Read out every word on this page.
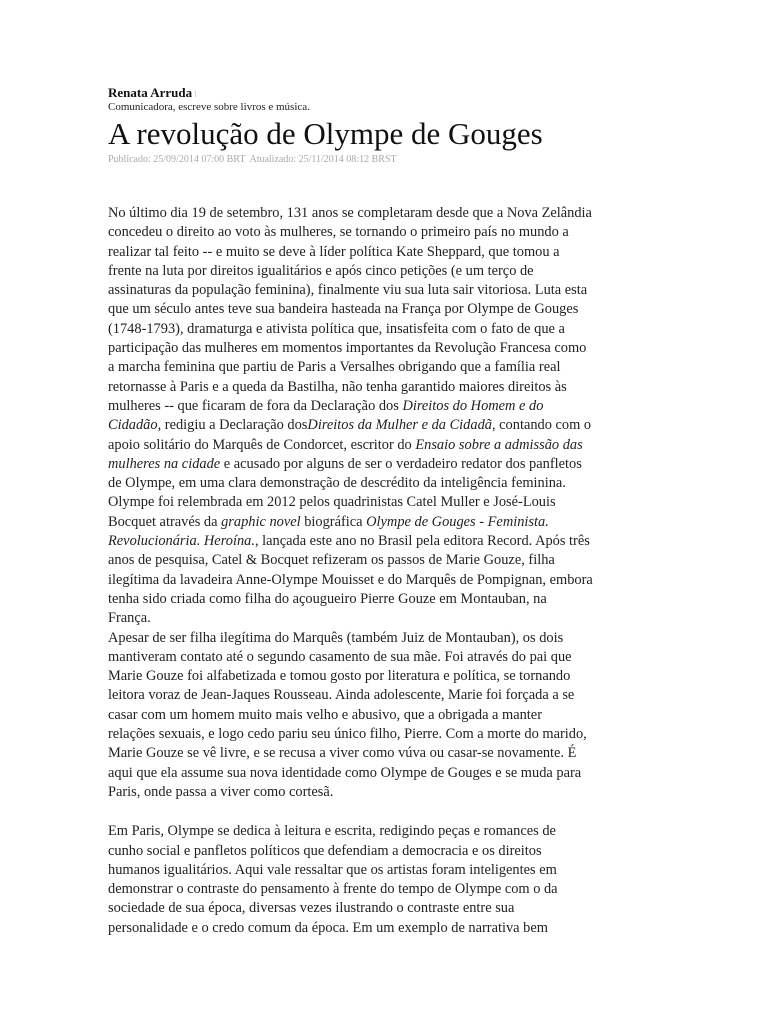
Renata Arruda ⁝
Comunicadora, escreve sobre livros e música.
A revolução de Olympe de Gouges
Publicado: 25/09/2014 07:00 BRT Atualizado: 25/11/2014 08:12 BRST

No último dia 19 de setembro, 131 anos se completaram desde que a Nova Zelândia
concedeu o direito ao voto às mulheres, se tornando o primeiro país no mundo a
realizar tal feito -- e muito se deve à líder política Kate Sheppard, que tomou a
frente na luta por direitos igualitários e após cinco petições (e um terço de
assinaturas da população feminina), finalmente viu sua luta sair vitoriosa. Luta esta
que um século antes teve sua bandeira hasteada na França por Olympe de Gouges
(1748-1793), dramaturga e ativista política que, insatisfeita com o fato de que a
participação das mulheres em momentos importantes da Revolução Francesa como
a marcha feminina que partiu de Paris a Versalhes obrigando que a família real
retornasse à Paris e a queda da Bastilha, não tenha garantido maiores direitos às
mulheres -- que ficaram de fora da Declaração dos Direitos do Homem e do
Cidadão, redigiu a Declaração dosDireitos da Mulher e da Cidadã, contando com o
apoio solitário do Marquês de Condorcet, escritor do Ensaio sobre a admissão das
mulheres na cidade e acusado por alguns de ser o verdadeiro redator dos panfletos
de Olympe, em uma clara demonstração de descrédito da inteligência feminina.
Olympe foi relembrada em 2012 pelos quadrinistas Catel Muller e José-Louis
Bocquet através da graphic novel biográfica Olympe de Gouges - Feminista.
Revolucionária. Heroína., lançada este ano no Brasil pela editora Record. Após três
anos de pesquisa, Catel & Bocquet refizeram os passos de Marie Gouze, filha
ilegítima da lavadeira Anne-Olympe Mouisset e do Marquês de Pompignan, embora
tenha sido criada como filha do açougueiro Pierre Gouze em Montauban, na
França.

Apesar de ser filha ilegítima do Marquês (também Juiz de Montauban), os dois
mantiveram contato até o segundo casamento de sua mãe. Foi através do pai que
Marie Gouze foi alfabetizada e tomou gosto por literatura e política, se tornando
leitora voraz de Jean-Jaques Rousseau. Ainda adolescente, Marie foi forçada a se
casar com um homem muito mais velho e abusivo, que a obrigada a manter
relações sexuais, e logo cedo pariu seu único filho, Pierre. Com a morte do marido,
Marie Gouze se vê livre, e se recusa a viver como vúva ou casar-se novamente. É
aqui que ela assume sua nova identidade como Olympe de Gouges e se muda para
Paris, onde passa a viver como cortesã.

Em Paris, Olympe se dedica à leitura e escrita, redigindo peças e romances de
cunho social e panfletos políticos que defendiam a democracia e os direitos
humanos igualitários. Aqui vale ressaltar que os artistas foram inteligentes em
demonstrar o contraste do pensamento à frente do tempo de Olympe com o da
sociedade de sua época, diversas vezes ilustrando o contraste entre sua
personalidade e o credo comum da época. Em um exemplo de narrativa bem
